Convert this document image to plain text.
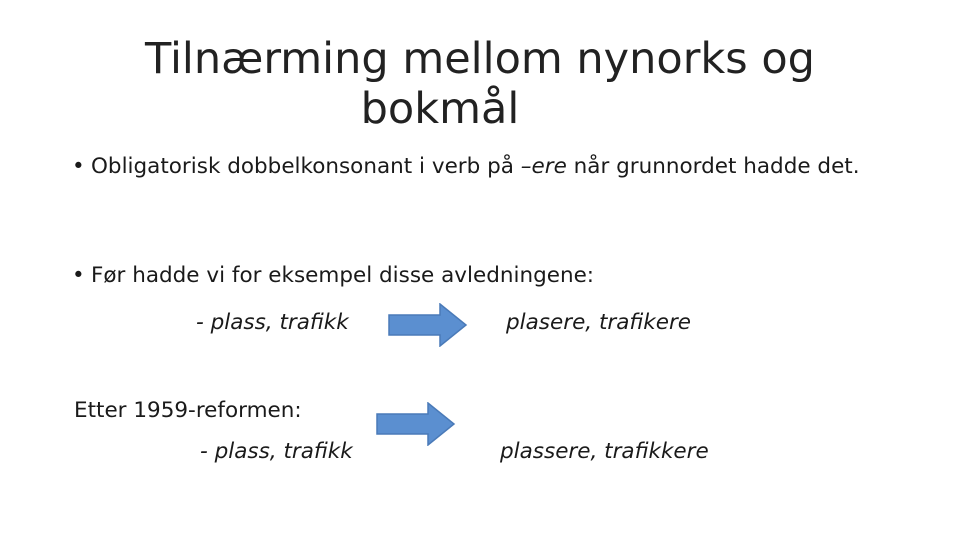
Tilnærming mellom nynorks og
bokmål
• Obligatorisk dobbelkonsonant i verb på –ere når grunnordet hadde det.
• Før hadde vi for eksempel disse avledningene:
- plass, trafikk	plasere, trafikere
Etter 1959-reformen:
- plass, trafikk	plassere, trafikkere
